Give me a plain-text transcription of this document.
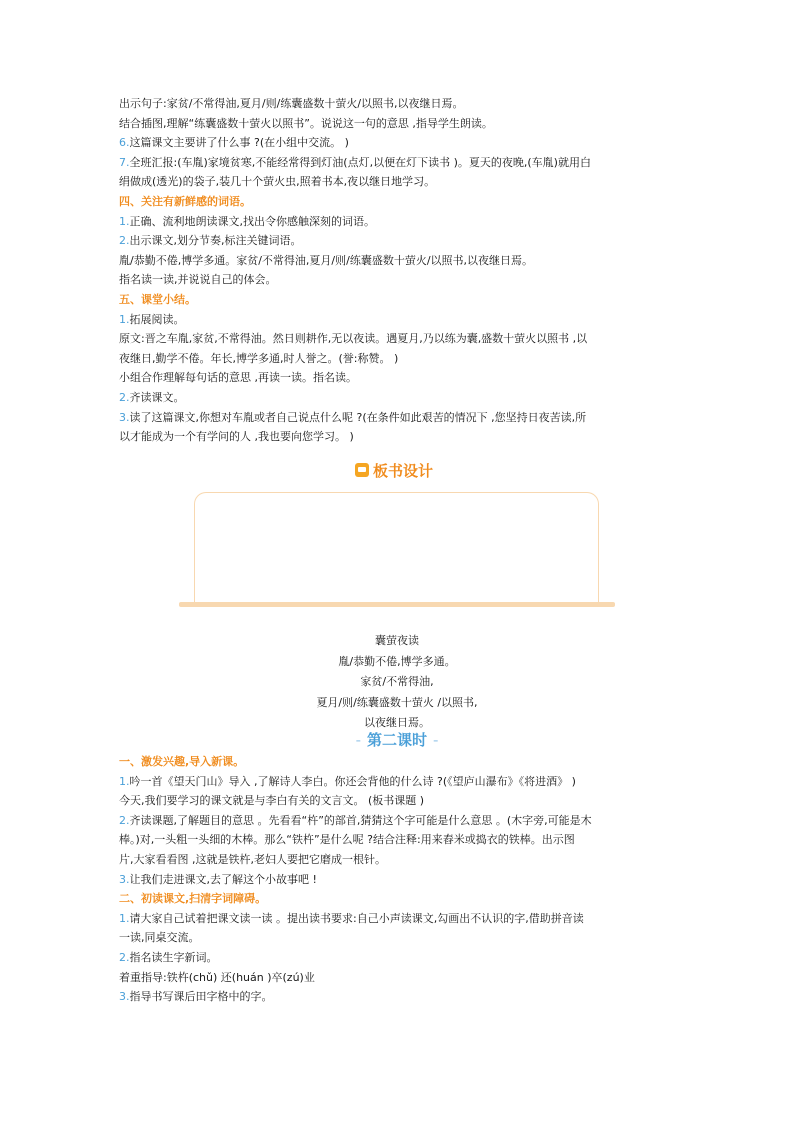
出示句子:家贫/不常得油,夏月/则/练囊盛数十萤火/以照书,以夜继日焉。
结合插图,理解“练囊盛数十萤火以照书”。说说这一句的意思 ,指导学生朗读。
6.这篇课文主要讲了什么事 ?(在小组中交流。 )
7.全班汇报:(车胤)家境贫寒,不能经常得到灯油(点灯,以便在灯下读书 )。夏天的夜晚,(车胤)就用白
绢做成(透光)的袋子,装几十个萤火虫,照着书本,夜以继日地学习。
四、关注有新鲜感的词语。
1.正确、流利地朗读课文,找出令你感触深刻的词语。
2.出示课文,划分节奏,标注关键词语。
胤/恭勤不倦,博学多通。家贫/不常得油,夏月/则/练囊盛数十萤火/以照书,以夜继日焉。
指名读一读,并说说自己的体会。
五、课堂小结。
1.拓展阅读。
原文:晋之车胤,家贫,不常得油。然日则耕作,无以夜读。遇夏月,乃以练为囊,盛数十萤火以照书 ,以
夜继日,勤学不倦。年长,博学多通,时人誉之。(誉:称赞。 )
小组合作理解每句话的意思 ,再读一读。指名读。
2.齐读课文。
3.读了这篇课文,你想对车胤或者自己说点什么呢 ?(在条件如此艰苦的情况下 ,您坚持日夜苦读,所
以才能成为一个有学问的人 ,我也要向您学习。 )
板书设计
囊萤夜读
胤/恭勤不倦,博学多通。
家贫/不常得油,
夏月/则/练囊盛数十萤火 /以照书,
以夜继日焉。
- 第二课时 -
一、激发兴趣,导入新课。
1.吟一首《望天门山》导入 ,了解诗人李白。你还会背他的什么诗 ?(《望庐山瀑布》《将进酒》 )
今天,我们要学习的课文就是与李白有关的文言文。 (板书课题 )
2.齐读课题,了解题目的意思 。先看看“杵”的部首,猜猜这个字可能是什么意思 。(木字旁,可能是木
棒。)对,一头粗一头细的木棒。那么“铁杵”是什么呢 ?结合注释:用来舂米或捣衣的铁棒。出示图
片,大家看看图 ,这就是铁杵,老妇人要把它磨成一根针。
3.让我们走进课文,去了解这个小故事吧 !
二、初读课文,扫清字词障碍。
1.请大家自己试着把课文读一读 。提出读书要求:自己小声读课文,勾画出不认识的字,借助拼音读
一读,同桌交流。
2.指名读生字新词。
着重指导:铁杵(chǔ) 还(huán )卒(zú)业
3.指导书写课后田字格中的字。
